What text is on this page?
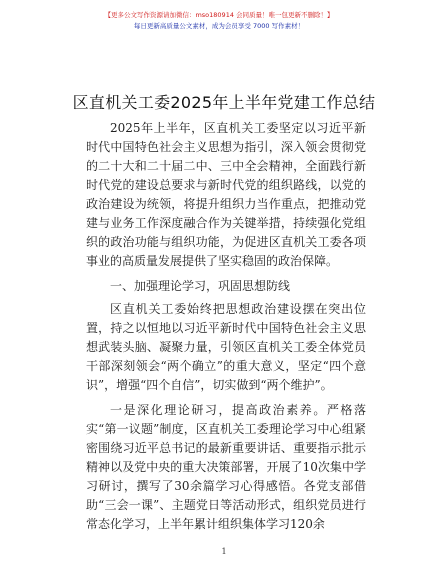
【更多公文写作资源请加微信：mso180914 会同质量！唯一包更新不删除！】
每日更新高质量公文素材，成为会员享受 7000 写作素材！
区直机关工委2025年上半年党建工作总结

2025年上半年，区直机关工委坚定以习近平新时代中国特色社会主义思想为指引，深入领会贯彻党的二十大和二十届二中、三中全会精神，全面践行新时代党的建设总要求与新时代党的组织路线，以党的政治建设为统领，将提升组织力当作重点，把推动党建与业务工作深度融合作为关键举措，持续强化党组织的政治功能与组织功能，为促进区直机关工委各项事业的高质量发展提供了坚实稳固的政治保障。

一、加强理论学习，巩固思想防线

区直机关工委始终把思想政治建设摆在突出位置，持之以恒地以习近平新时代中国特色社会主义思想武装头脑、凝聚力量，引领区直机关工委全体党员干部深刻领会“两个确立”的重大意义，坚定“四个意识”，增强“四个自信”，切实做到“两个维护”。

一是深化理论研习，提高政治素养。严格落实“第一议题”制度，区直机关工委理论学习中心组紧密围绕习近平总书记的最新重要讲话、重要指示批示精神以及党中央的重大决策部署，开展了10次集中学习研讨，撰写了30余篇学习心得感悟。各党支部借助“三会一课”、主题党日等活动形式，组织党员进行常态化学习，上半年累计组织集体学习120余

1
